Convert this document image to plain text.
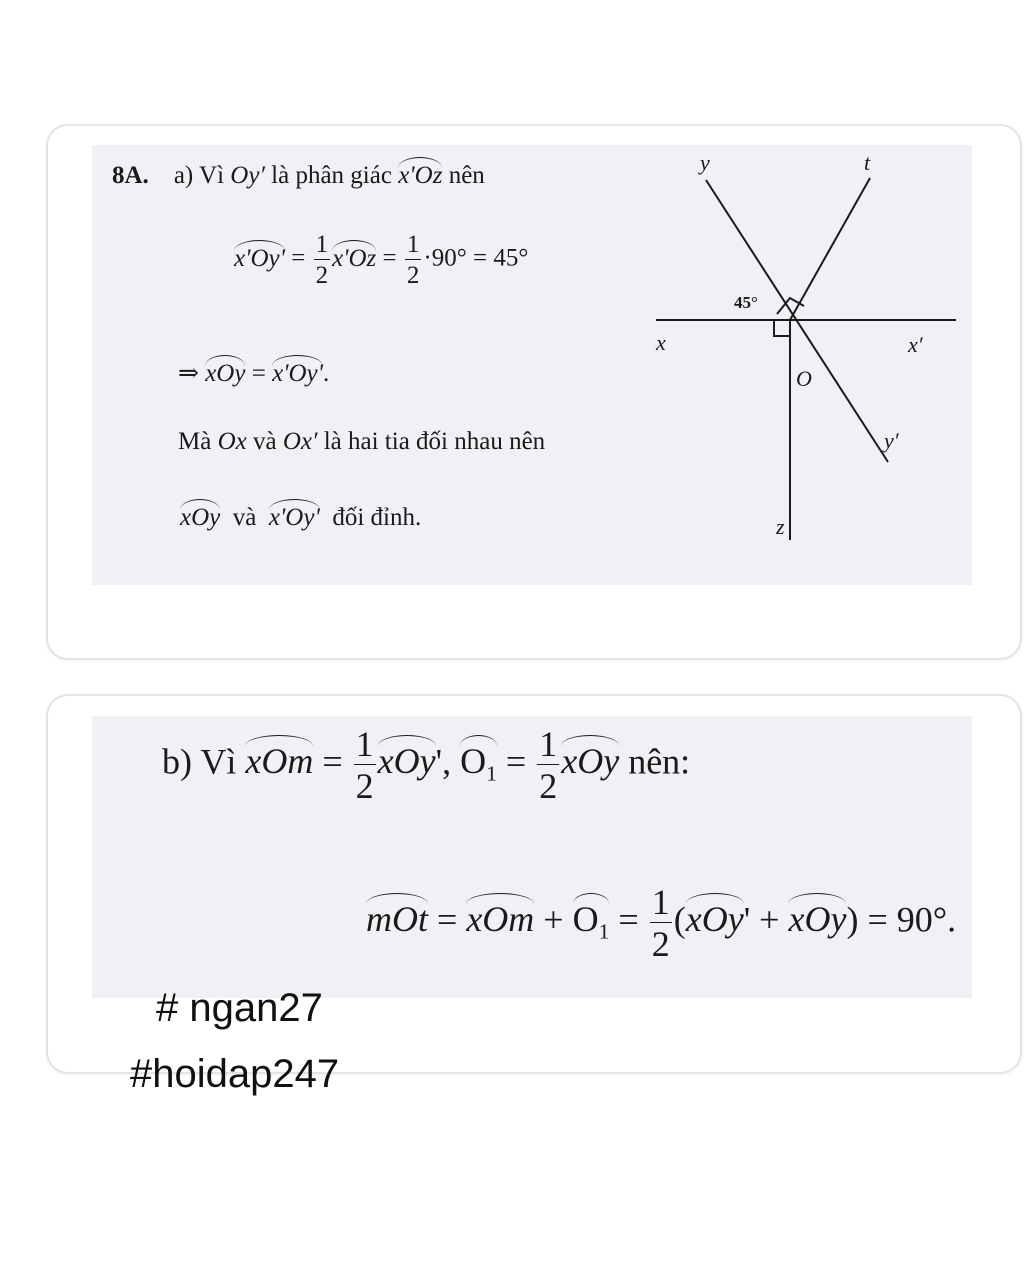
8A. a) Vì Oy′ là phân giác x'Oz nên
$x'Oy' = \frac{1}{2} x'Oz = \frac{1}{2} \cdot 90^\circ = 45^\circ$
⇒ xOy = x'Oy'.
Mà Ox và Ox′ là hai tia đối nhau nên
xOy  và  x'Oy'  đối đỉnh.
y	t
x	x′
O
y′
z
45°
b) Vì xOm = $\frac{1}{2} xOy'$, $O_1 = \frac{1}{2}$ xOy nên:
mOt = xOm + $O_1 = \frac{1}{2} (xOy' + xOy) = 90^\circ$.
# ngan27
#hoidap247
